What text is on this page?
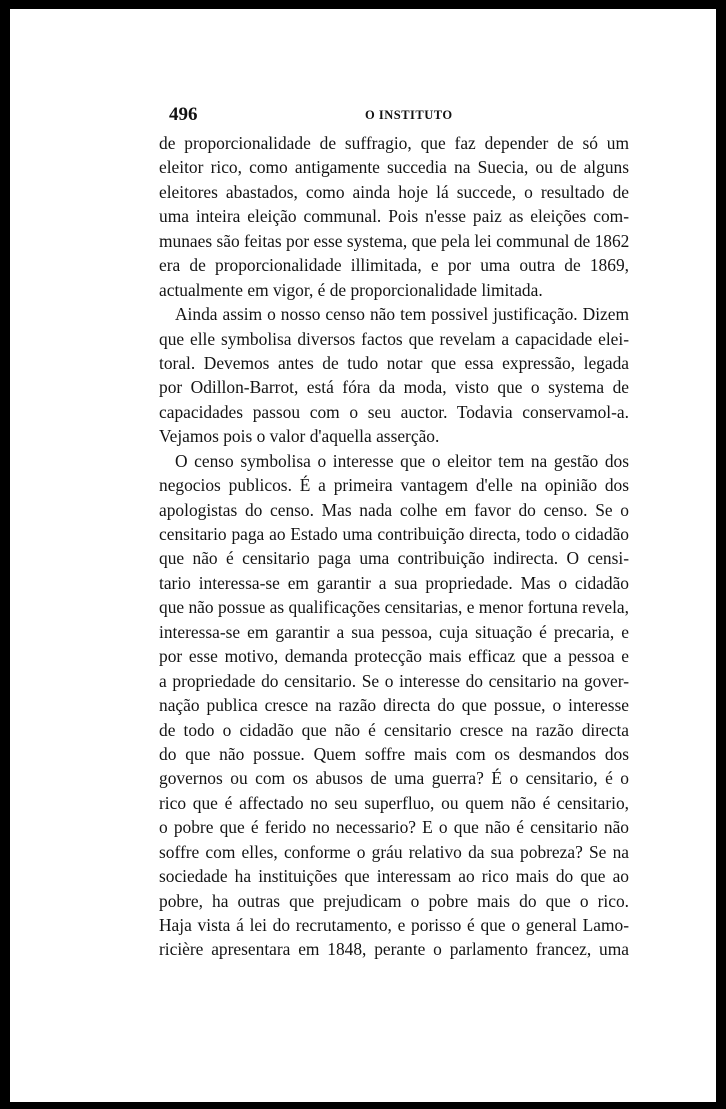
496	O INSTITUTO
de proporcionalidade de suffragio, que faz depender de só um
eleitor rico, como antigamente succedia na Suecia, ou de alguns
eleitores abastados, como ainda hoje lá succede, o resultado de
uma inteira eleição communal. Pois n'esse paiz as eleições com-
munaes são feitas por esse systema, que pela lei communal de 1862
era de proporcionalidade illimitada, e por uma outra de 1869,
actualmente em vigor, é de proporcionalidade limitada.
Ainda assim o nosso censo não tem possivel justificação. Dizem
que elle symbolisa diversos factos que revelam a capacidade elei-
toral. Devemos antes de tudo notar que essa expressão, legada
por Odillon-Barrot, está fóra da moda, visto que o systema de
capacidades passou com o seu auctor. Todavia conservamol-a.
Vejamos pois o valor d'aquella asserção.
O censo symbolisa o interesse que o eleitor tem na gestão dos
negocios publicos. É a primeira vantagem d'elle na opinião dos
apologistas do censo. Mas nada colhe em favor do censo. Se o
censitario paga ao Estado uma contribuição directa, todo o cidadão
que não é censitario paga uma contribuição indirecta. O censi-
tario interessa-se em garantir a sua propriedade. Mas o cidadão
que não possue as qualificações censitarias, e menor fortuna revela,
interessa-se em garantir a sua pessoa, cuja situação é precaria, e
por esse motivo, demanda protecção mais efficaz que a pessoa e
a propriedade do censitario. Se o interesse do censitario na gover-
nação publica cresce na razão directa do que possue, o interesse
de todo o cidadão que não é censitario cresce na razão directa
do que não possue. Quem soffre mais com os desmandos dos
governos ou com os abusos de uma guerra? É o censitario, é o
rico que é affectado no seu superfluo, ou quem não é censitario,
o pobre que é ferido no necessario? E o que não é censitario não
soffre com elles, conforme o gráu relativo da sua pobreza? Se na
sociedade ha instituições que interessam ao rico mais do que ao
pobre, ha outras que prejudicam o pobre mais do que o rico.
Haja vista á lei do recrutamento, e porisso é que o general Lamo-
ricière apresentara em 1848, perante o parlamento francez, uma
